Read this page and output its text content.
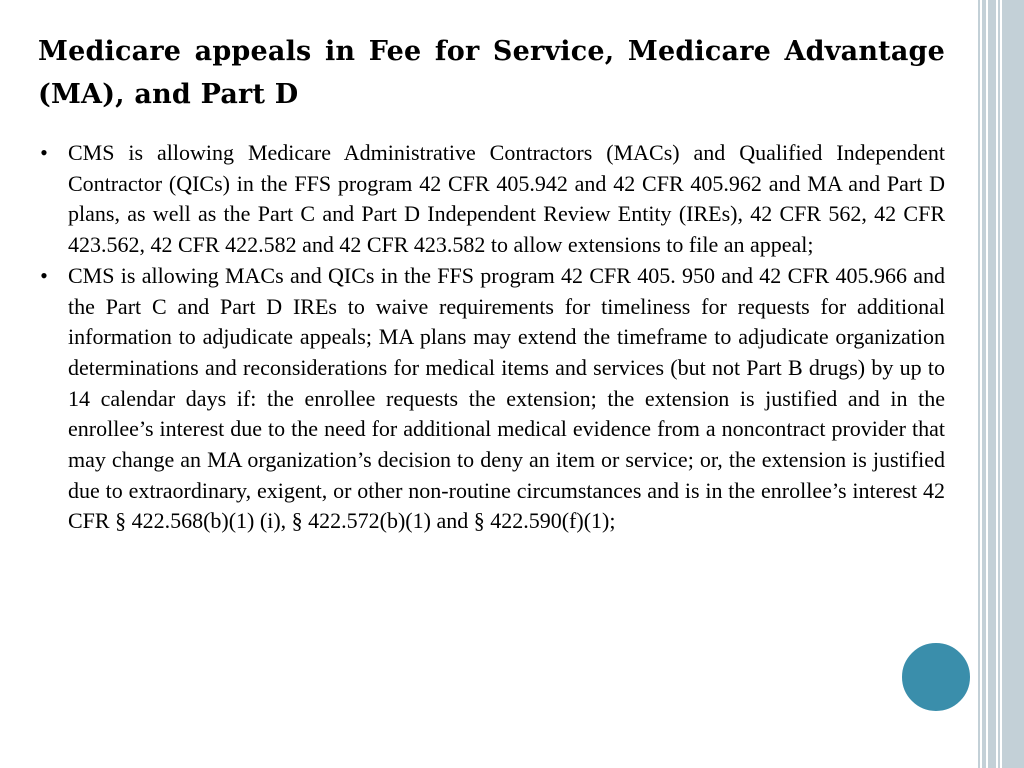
Medicare appeals in Fee for Service, Medicare Advantage (MA), and Part D
• CMS is allowing Medicare Administrative Contractors (MACs) and Qualified Independent Contractor (QICs) in the FFS program 42 CFR 405.942 and 42 CFR 405.962 and MA and Part D plans, as well as the Part C and Part D Independent Review Entity (IREs), 42 CFR 562, 42 CFR 423.562, 42 CFR 422.582 and 42 CFR 423.582 to allow extensions to file an appeal;
• CMS is allowing MACs and QICs in the FFS program 42 CFR 405. 950 and 42 CFR 405.966 and the Part C and Part D IREs to waive requirements for timeliness for requests for additional information to adjudicate appeals; MA plans may extend the timeframe to adjudicate organization determinations and reconsiderations for medical items and services (but not Part B drugs) by up to 14 calendar days if: the enrollee requests the extension; the extension is justified and in the enrollee’s interest due to the need for additional medical evidence from a noncontract provider that may change an MA organization’s decision to deny an item or service; or, the extension is justified due to extraordinary, exigent, or other non-routine circumstances and is in the enrollee’s interest 42 CFR § 422.568(b)(1) (i), § 422.572(b)(1) and § 422.590(f)(1);
